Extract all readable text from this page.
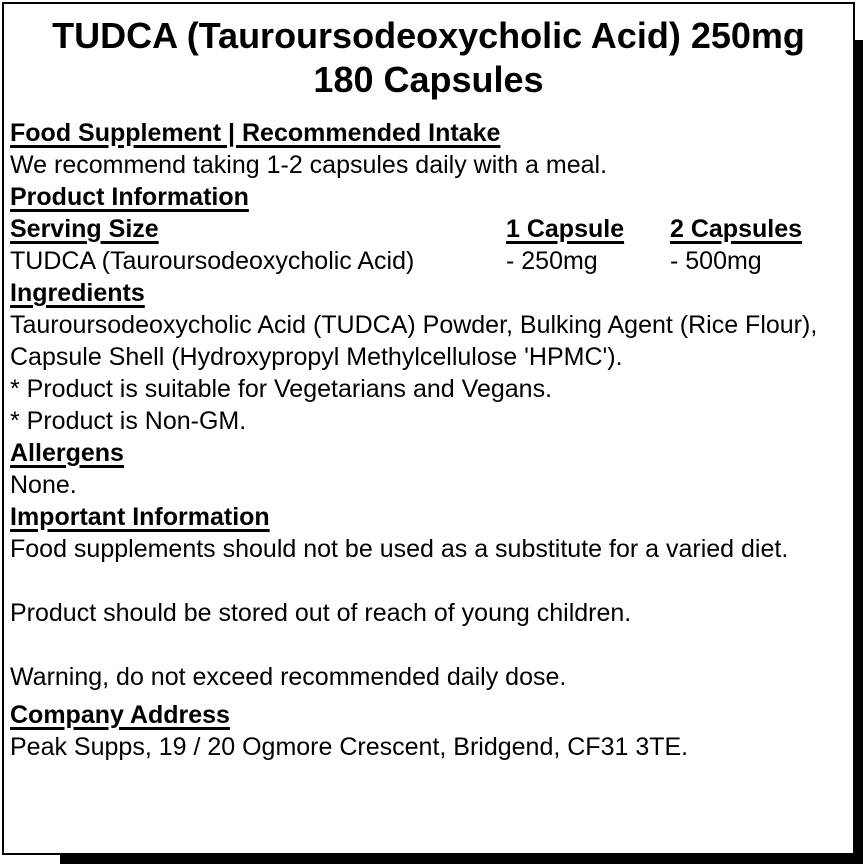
TUDCA (Tauroursodeoxycholic Acid) 250mg
180 Capsules
Food Supplement | Recommended Intake
We recommend taking 1-2 capsules daily with a meal.
Product Information
Serving Size	1 Capsule	2 Capsules
TUDCA (Tauroursodeoxycholic Acid)	- 250mg	- 500mg
Ingredients
Tauroursodeoxycholic Acid (TUDCA) Powder, Bulking Agent (Rice Flour), Capsule Shell (Hydroxypropyl Methylcellulose 'HPMC').
* Product is suitable for Vegetarians and Vegans.
* Product is Non-GM.
Allergens
None.
Important Information
Food supplements should not be used as a substitute for a varied diet.
Product should be stored out of reach of young children.
Warning, do not exceed recommended daily dose.
Company Address
Peak Supps, 19 / 20 Ogmore Crescent, Bridgend, CF31 3TE.
